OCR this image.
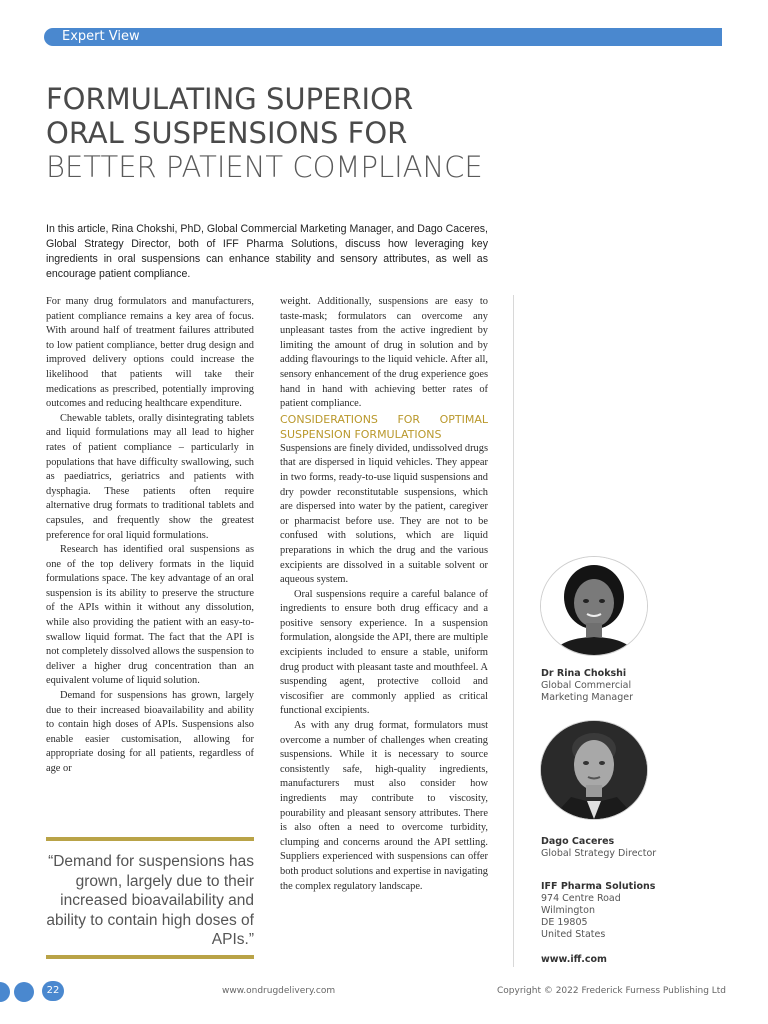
Expert View
FORMULATING SUPERIOR
ORAL SUSPENSIONS FOR
BETTER PATIENT COMPLIANCE
In this article, Rina Chokshi, PhD, Global Commercial Marketing Manager, and Dago Caceres, Global Strategy Director, both of IFF Pharma Solutions, discuss how leveraging key ingredients in oral suspensions can enhance stability and sensory attributes, as well as encourage patient compliance.

For many drug formulators and manufacturers, patient compliance remains a key area of focus. With around half of treatment failures attributed to low patient compliance, better drug design and improved delivery options could increase the likelihood that patients will take their medications as prescribed, potentially improving outcomes and reducing healthcare expenditure.

Chewable tablets, orally disintegrating tablets and liquid formulations may all lead to higher rates of patient compliance – particularly in populations that have difficulty swallowing, such as paediatrics, geriatrics and patients with dysphagia. These patients often require alternative drug formats to traditional tablets and capsules, and frequently show the greatest preference for oral liquid formulations.

Research has identified oral suspensions as one of the top delivery formats in the liquid formulations space. The key advantage of an oral suspension is its ability to preserve the structure of the APIs within it without any dissolution, while also providing the patient with an easy-to-swallow liquid format. The fact that the API is not completely dissolved allows the suspension to deliver a higher drug concentration than an equivalent volume of liquid solution.

Demand for suspensions has grown, largely due to their increased bioavailability and ability to contain high doses of APIs. Suspensions also enable easier customisation, allowing for appropriate dosing for all patients, regardless of age or

“Demand for suspensions has grown, largely due to their increased bioavailability and ability to contain high doses of APIs.”

weight. Additionally, suspensions are easy to taste-mask; formulators can overcome any unpleasant tastes from the active ingredient by limiting the amount of drug in solution and by adding flavourings to the liquid vehicle. After all, sensory enhancement of the drug experience goes hand in hand with achieving better rates of patient compliance.

CONSIDERATIONS FOR OPTIMAL SUSPENSION FORMULATIONS

Suspensions are finely divided, undissolved drugs that are dispersed in liquid vehicles. They appear in two forms, ready-to-use liquid suspensions and dry powder reconstitutable suspensions, which are dispersed into water by the patient, caregiver or pharmacist before use. They are not to be confused with solutions, which are liquid preparations in which the drug and the various excipients are dissolved in a suitable solvent or aqueous system.

Oral suspensions require a careful balance of ingredients to ensure both drug efficacy and a positive sensory experience. In a suspension formulation, alongside the API, there are multiple excipients included to ensure a stable, uniform drug product with pleasant taste and mouthfeel. A suspending agent, protective colloid and viscosifier are commonly applied as critical functional excipients.

As with any drug format, formulators must overcome a number of challenges when creating suspensions. While it is necessary to source consistently safe, high-quality ingredients, manufacturers must also consider how ingredients may contribute to viscosity, pourability and pleasant sensory attributes. There is also often a need to overcome turbidity, clumping and concerns around the API settling. Suppliers experienced with suspensions can offer both product solutions and expertise in navigating the complex regulatory landscape.

Dr Rina Chokshi
Global Commercial
Marketing Manager
Dago Caceres
Global Strategy Director
IFF Pharma Solutions
974 Centre Road
Wilmington
DE 19805
United States
www.iff.com
22	www.ondrugdelivery.com	Copyright © 2022 Frederick Furness Publishing Ltd
